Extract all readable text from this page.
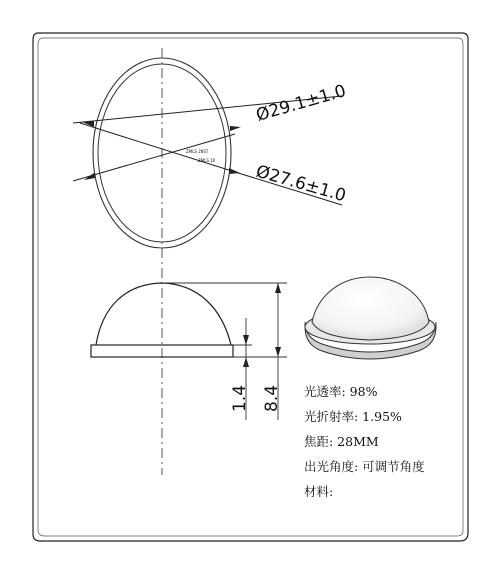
ZMLS 28ST
ZMLS 10
Ø29.1±1.0
Ø27.6±1.0
1.4 8.4 光透率: 98%
光折射率: 1.95%
焦距: 28MM
出光角度: 可调节角度
材料:
